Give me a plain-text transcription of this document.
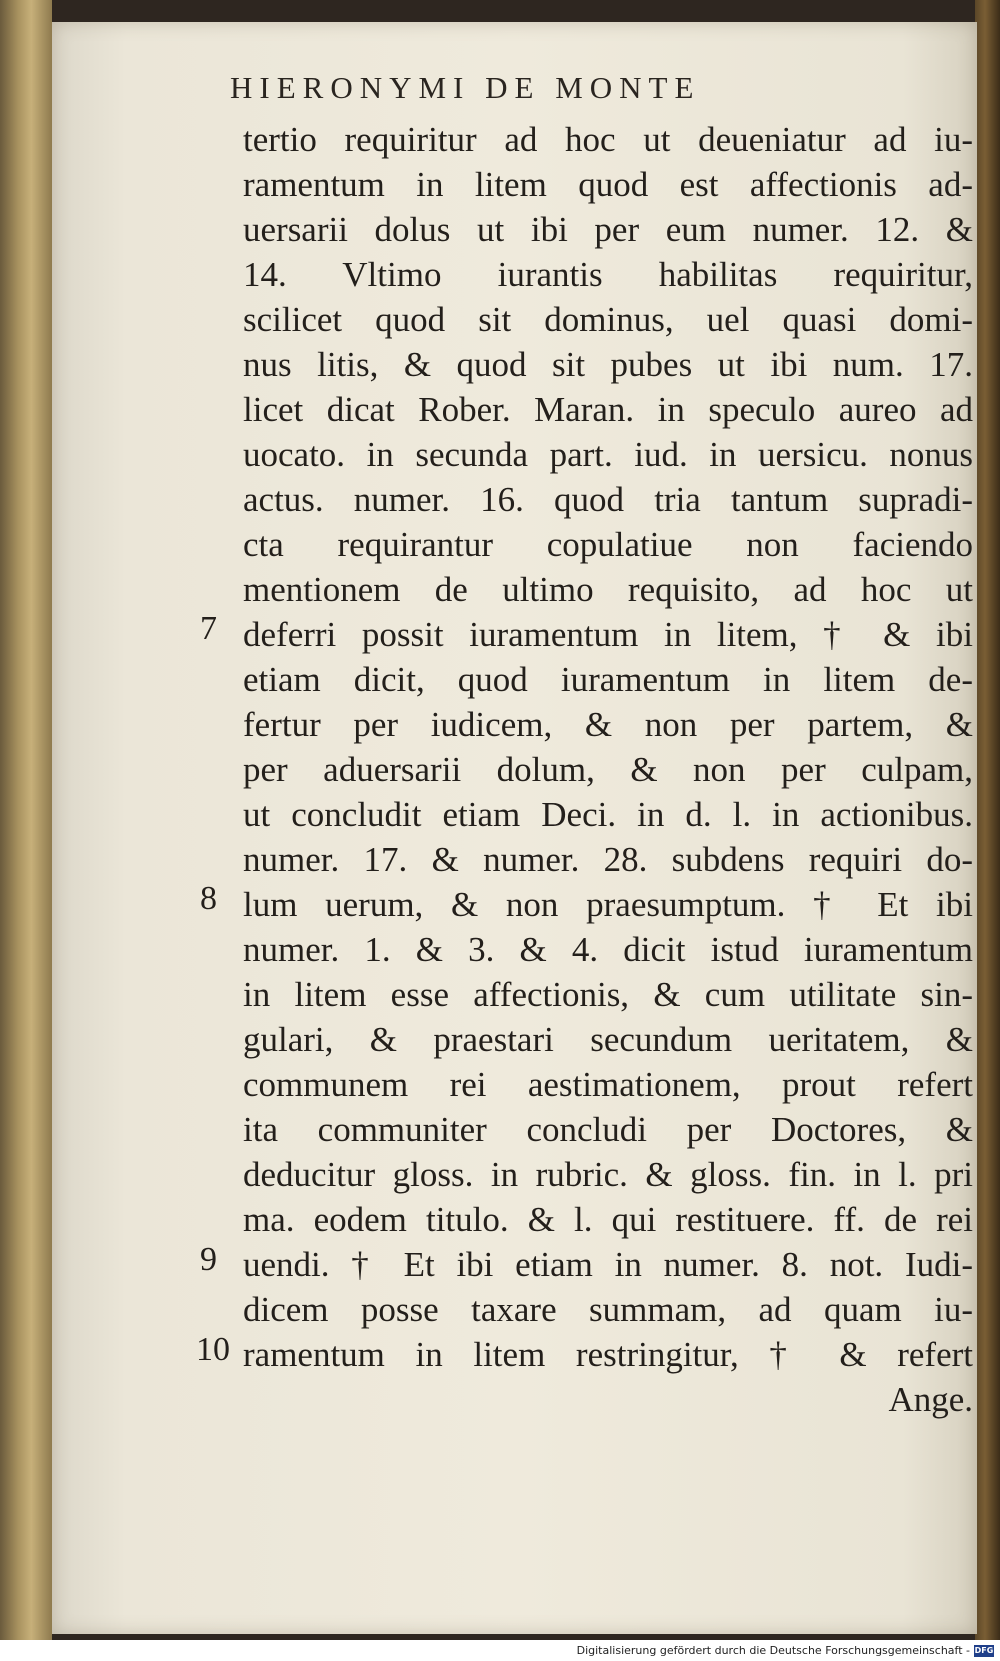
HIERONYMI DE MONTE
tertio requiritur ad hoc ut deueniatur ad iu-
ramentum in litem quod est affectionis ad-
uersarii dolus ut ibi per eum numer. 12. &
14. Vltimo iurantis habilitas requiritur,
scilicet quod sit dominus, uel quasi domi-
nus litis, & quod sit pubes ut ibi num. 17.
licet dicat Rober. Maran. in speculo aureo ad
uocato. in secunda part. iud. in uersicu. nonus
actus. numer. 16. quod tria tantum supradi-
cta requirantur copulatiue non faciendo
mentionem de ultimo requisito, ad hoc ut
deferri possit iuramentum in litem, † & ibi
etiam dicit, quod iuramentum in litem de-
fertur per iudicem, & non per partem, &
per aduersarii dolum, & non per culpam,
ut concludit etiam Deci. in d. l. in actionibus.
numer. 17. & numer. 28. subdens requiri do-
lum uerum, & non praesumptum. † Et ibi
numer. 1. & 3. & 4. dicit istud iuramentum
in litem esse affectionis, & cum utilitate sin-
gulari, & praestari secundum ueritatem, &
communem rei aestimationem, prout refert
ita communiter concludi per Doctores, &
deducitur gloss. in rubric. & gloss. fin. in l. pri
ma. eodem titulo. & l. qui restituere. ff. de rei
uendi. † Et ibi etiam in numer. 8. not. Iudi-
dicem posse taxare summam, ad quam iu-
ramentum in litem restringitur, † & refert
Ange.
7
8
9
10
Digitalisierung gefördert durch die Deutsche Forschungsgemeinschaft - DFG
